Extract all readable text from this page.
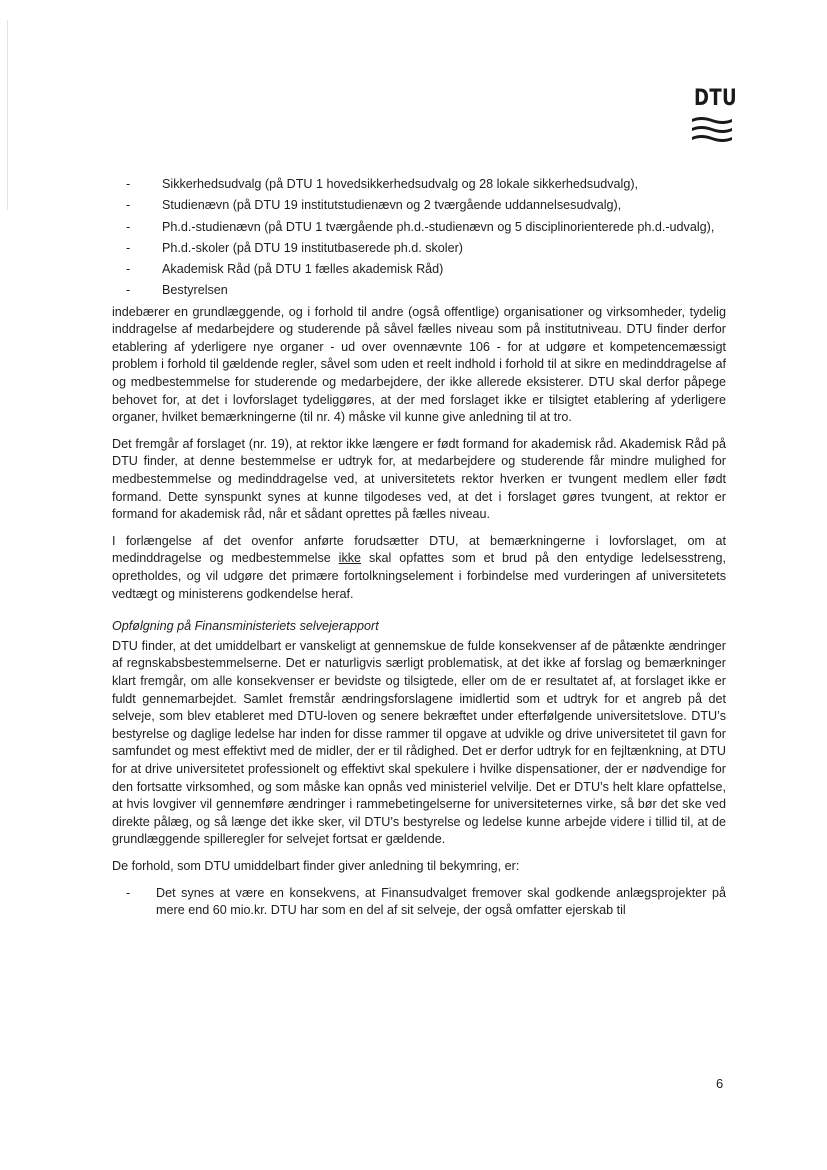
DTU
- Sikkerhedsudvalg (på DTU 1 hovedsikkerhedsudvalg og 28 lokale sikkerhedsudvalg),
- Studienævn (på DTU 19 institutstudienævn og 2 tværgående uddannelsesudvalg),
- Ph.d.-studienævn (på DTU 1 tværgående ph.d.-studienævn og 5 disciplinorienterede ph.d.-udvalg),
- Ph.d.-skoler (på DTU 19 institutbaserede ph.d. skoler)
- Akademisk Råd (på DTU 1 fælles akademisk Råd)
- Bestyrelsen

indebærer en grundlæggende, og i forhold til andre (også offentlige) organisationer og virksomheder, tydelig inddragelse af medarbejdere og studerende på såvel fælles niveau som på institutniveau. DTU finder derfor etablering af yderligere nye organer - ud over ovennævnte 106 - for at udgøre et kompetencemæssigt problem i forhold til gældende regler, såvel som uden et reelt indhold i forhold til at sikre en medinddragelse af og medbestemmelse for studerende og medarbejdere, der ikke allerede eksisterer. DTU skal derfor påpege behovet for, at det i lovforslaget tydeliggøres, at der med forslaget ikke er tilsigtet etablering af yderligere organer, hvilket bemærkningerne (til nr. 4) måske vil kunne give anledning til at tro.

Det fremgår af forslaget (nr. 19), at rektor ikke længere er født formand for akademisk råd. Akademisk Råd på DTU finder, at denne bestemmelse er udtryk for, at medarbejdere og studerende får mindre mulighed for medbestemmelse og medinddragelse ved, at universitetets rektor hverken er tvungent medlem eller født formand. Dette synspunkt synes at kunne tilgodeses ved, at det i forslaget gøres tvungent, at rektor er formand for akademisk råd, når et sådant oprettes på fælles niveau.

I forlængelse af det ovenfor anførte forudsætter DTU, at bemærkningerne i lovforslaget, om at medinddragelse og medbestemmelse ikke skal opfattes som et brud på den entydige ledelsesstreng, opretholdes, og vil udgøre det primære fortolkningselement i forbindelse med vurderingen af universitetets vedtægt og ministerens godkendelse heraf.

Opfølgning på Finansministeriets selvejerapport

DTU finder, at det umiddelbart er vanskeligt at gennemskue de fulde konsekvenser af de påtænkte ændringer af regnskabsbestemmelserne. Det er naturligvis særligt problematisk, at det ikke af forslag og bemærkninger klart fremgår, om alle konsekvenser er bevidste og tilsigtede, eller om de er resultatet af, at forslaget ikke er fuldt gennemarbejdet. Samlet fremstår ændringsforslagene imidlertid som et udtryk for et angreb på det selveje, som blev etableret med DTU-loven og senere bekræftet under efterfølgende universitetslove. DTU’s bestyrelse og daglige ledelse har inden for disse rammer til opgave at udvikle og drive universitetet til gavn for samfundet og mest effektivt med de midler, der er til rådighed. Det er derfor udtryk for en fejltænkning, at DTU for at drive universitetet professionelt og effektivt skal spekulere i hvilke dispensationer, der er nødvendige for den fortsatte virksomhed, og som måske kan opnås ved ministeriel velvilje. Det er DTU’s helt klare opfattelse, at hvis lovgiver vil gennemføre ændringer i rammebetingelserne for universiteternes virke, så bør det ske ved direkte pålæg, og så længe det ikke sker, vil DTU’s bestyrelse og ledelse kunne arbejde videre i tillid til, at de grundlæggende spilleregler for selvejet fortsat er gældende.

De forhold, som DTU umiddelbart finder giver anledning til bekymring, er:

- Det synes at være en konsekvens, at Finansudvalget fremover skal godkende anlægsprojekter på mere end 60 mio.kr. DTU har som en del af sit selveje, der også omfatter ejerskab til
6
